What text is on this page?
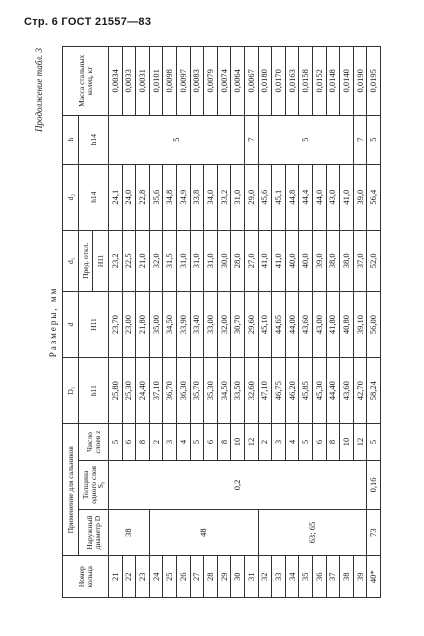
Стр. 6 ГОСТ 21557—83
Продолжение табл. 3
Размеры, мм
Номер кольца	Применение для сальников			D₁	d	d₁	d₂	h	Масса стальных колец, кг
	Наружный диаметр D	Толщина одного слоя S₀	Число слоев z	h11	H11	Пред. откл.	h14	h14	
						H11			
21	38	0,2	5	25,80	23,70	23,2	24,1	5	0,0034
22			6	25,30	23,00	22,5	24,0		0,0033
23			8	24,40	21,80	21,0	22,8		0,0031
24	48		2	37,10	35,00	32,0	35,6		0,0101
25			3	36,70	34,50	31,5	34,8		0,0098
26			4	36,30	33,90	31,0	34,9		0,0097
27			5	35,70	33,40	31,0	33,8		0,0083
28			6	35,30	33,00	31,0	34,0		0,0079
29			8	34,50	32,00	30,0	33,2		0,0074
30			10	33,50	30,70	28,0	31,0		0,0064
31			12	32,60	29,60	27,0	29,0	7	0,0067
32	63; 65		2	47,10	45,10	41,0	45,6	5	0,0180
33			3	46,75	44,65	41,0	45,1		0,0170
34			4	46,20	44,00	40,0	44,8		0,0163
35			5	45,85	43,60	40,0	44,4		0,0158
36			6	45,30	43,00	39,0	44,0		0,0152
37			8	44,40	41,80	38,0	43,0		0,0148
38			10	43,60	40,80	38,0	41,0		0,0140
39			12	42,70	39,10	37,0	39,0	7	0,0190
40*	73	0,16	5	58,24	56,00	52,0	56,4	5	0,0195
